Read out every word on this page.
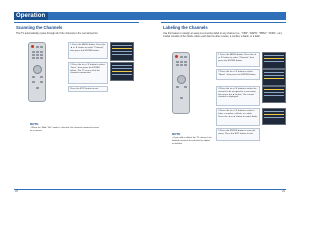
Operation
Scanning the Channels
This TV automatically cycles through all of the channels in the memorised list.
1 Press the MENU button. Press the ▲ or ▼ button to select "Channel", then press the ENTER button.
2 Press the ▲ or ▼ button to select "Scan", then press the ENTER button. The TV scans all of the channels memorised.
Press the EXIT button to exit.
NOTE
• When the "Add / Del" mode is selected, the channels removed cannot be scanned.
Labeling the Channels
Use this feature to assign an easy-to-remember label to any channel (i.e., "CBS", "ESPN", "PBS2", "CNN1", etc.). A label consists of five fields, where each field is either a letter, a number, a blank, or a dash.
1 Press the MENU button. Press the ▲ or ▼ button to select "Channel", then press the ENTER button.
2 Press the ▲ or ▼ button to select "Name", then press the ENTER button.
3 Press the ▲ or ▼ button to select the channel to be assigned to a new name, then press the ► button. The current channel is displayed.
4 Press the ▲ or ▼ button to select a letter, a number, a blank, or a dash. Press the ◄ or ► button to switch fields.
5 Press the ENTER button to save the name. Press the EXIT button to exit.
NOTE
• If you add or delete the TV channel, the labeled channels list will also be added or deleted.
28	29
